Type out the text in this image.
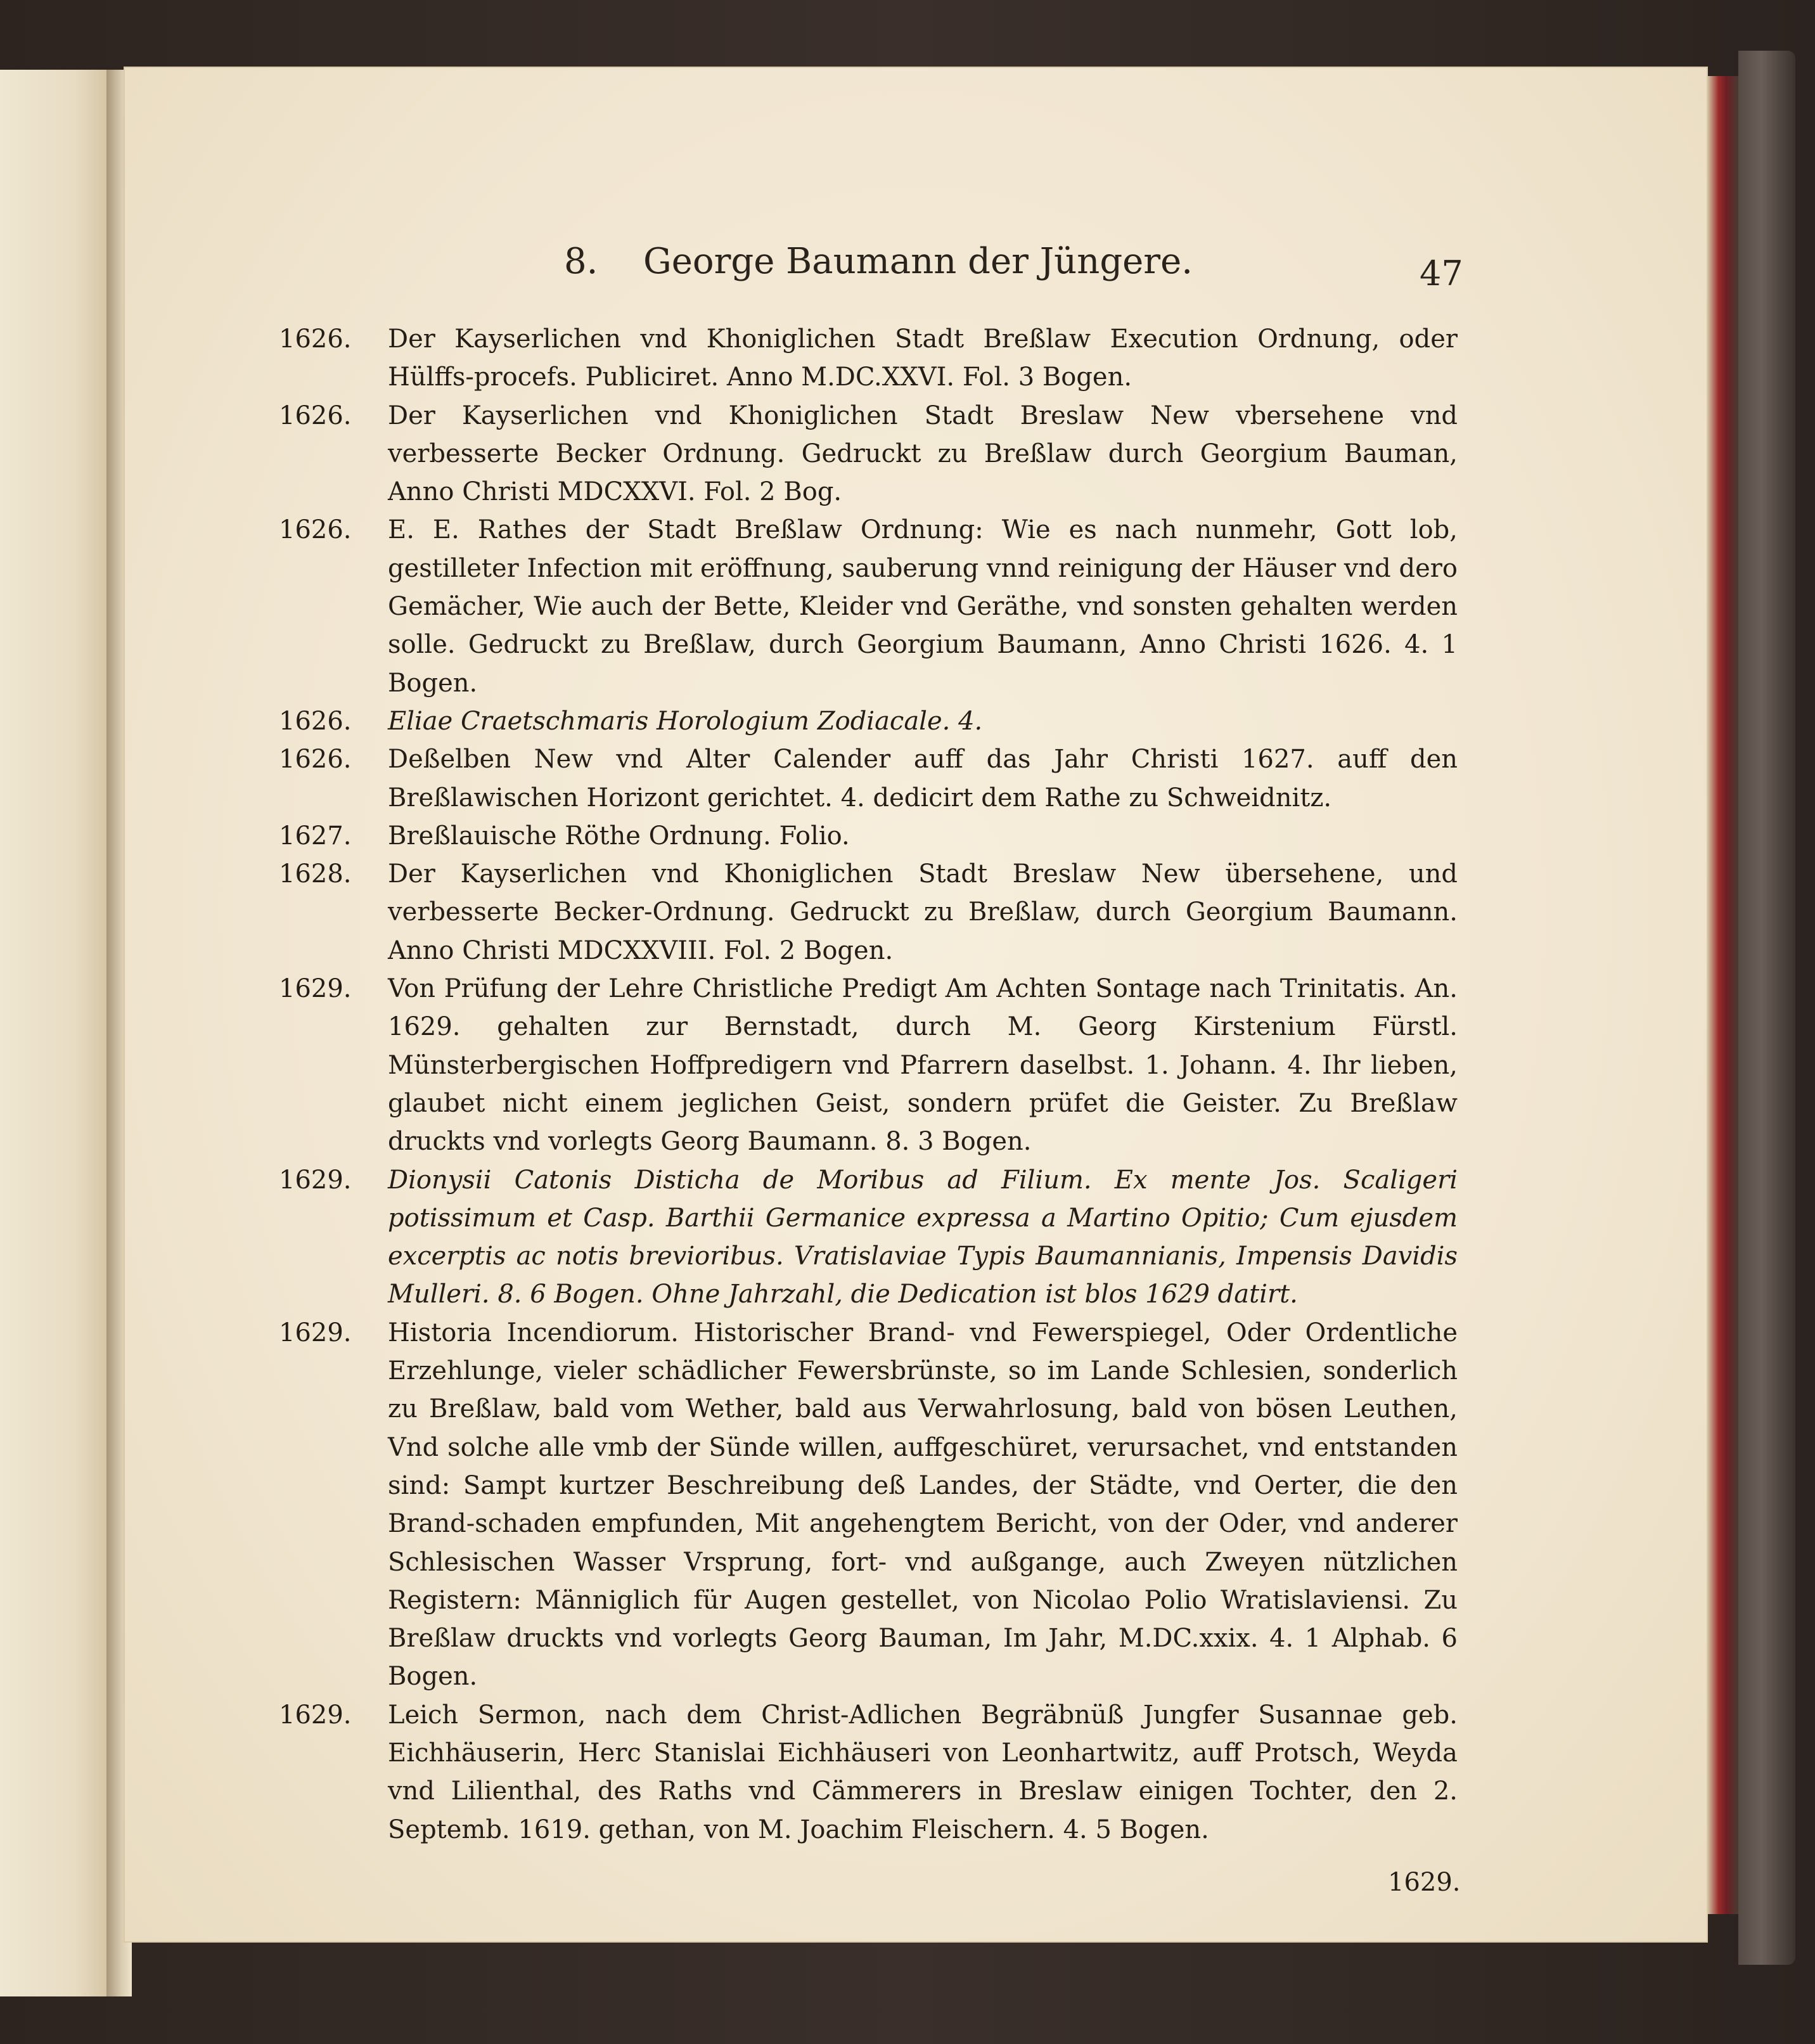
8. George Baumann der Jüngere.	47
1626.	Der Kayserlichen vnd Khoniglichen Stadt Breßlaw Execution Ordnung, oder Hülffs-procefs. Publiciret. Anno M.DC.XXVI. Fol. 3 Bogen.
1626.	Der Kayserlichen vnd Khoniglichen Stadt Breslaw New vbersehene vnd verbesserte Becker Ordnung. Gedruckt zu Breßlaw durch Georgium Bauman, Anno Christi MDCXXVI. Fol. 2 Bog.
1626.	E. E. Rathes der Stadt Breßlaw Ordnung: Wie es nach nunmehr, Gott lob, gestilleter Infection mit eröffnung, sauberung vnnd reinigung der Häuser vnd dero Gemächer, Wie auch der Bette, Kleider vnd Geräthe, vnd sonsten gehalten werden solle. Gedruckt zu Breßlaw, durch Georgium Baumann, Anno Christi 1626. 4. 1 Bogen.
1626.	Eliae Craetschmaris Horologium Zodiacale. 4.
1626.	Deßelben New vnd Alter Calender auff das Jahr Christi 1627. auff den Breßlawischen Horizont gerichtet. 4. dedicirt dem Rathe zu Schweidnitz.
1627.	Breßlauische Röthe Ordnung. Folio.
1628.	Der Kayserlichen vnd Khoniglichen Stadt Breslaw New übersehene, und verbesserte Becker-Ordnung. Gedruckt zu Breßlaw, durch Georgium Baumann. Anno Christi MDCXXVIII. Fol. 2 Bogen.
1629.	Von Prüfung der Lehre Christliche Predigt Am Achten Sontage nach Trinitatis. An. 1629. gehalten zur Bernstadt, durch M. Georg Kirstenium Fürstl. Münsterbergischen Hoffpredigern vnd Pfarrern daselbst. 1. Johann. 4. Ihr lieben, glaubet nicht einem jeglichen Geist, sondern prüfet die Geister. Zu Breßlaw druckts vnd vorlegts Georg Baumann. 8. 3 Bogen.
1629.	Dionysii Catonis Disticha de Moribus ad Filium. Ex mente Jos. Scaligeri potissimum et Casp. Barthii Germanice expressa a Martino Opitio; Cum ejusdem excerptis ac notis brevioribus. Vratislaviae Typis Baumannianis, Impensis Davidis Mulleri. 8. 6 Bogen. Ohne Jahrzahl, die Dedication ist blos 1629 datirt.
1629.	Historia Incendiorum. Historischer Brand- vnd Fewerspiegel, Oder Ordentliche Erzehlunge, vieler schädlicher Fewersbrünste, so im Lande Schlesien, sonderlich zu Breßlaw, bald vom Wether, bald aus Verwahrlosung, bald von bösen Leuthen, Vnd solche alle vmb der Sünde willen, auffgeschüret, verursachet, vnd entstanden sind: Sampt kurtzer Beschreibung deß Landes, der Städte, vnd Oerter, die den Brand-schaden empfunden, Mit angehengtem Bericht, von der Oder, vnd anderer Schlesischen Wasser Vrsprung, fort- vnd außgange, auch Zweyen nützlichen Registern: Männiglich für Augen gestellet, von Nicolao Polio Wratislaviensi. Zu Breßlaw druckts vnd vorlegts Georg Bauman, Im Jahr, M.DC.xxix. 4. 1 Alphab. 6 Bogen.
1629.	Leich Sermon, nach dem Christ-Adlichen Begräbnüß Jungfer Susannae geb. Eichhäuserin, Herc Stanislai Eichhäuseri von Leonhartwitz, auff Protsch, Weyda vnd Lilienthal, des Raths vnd Cämmerers in Breslaw einigen Tochter, den 2. Septemb. 1619. gethan, von M. Joachim Fleischern. 4. 5 Bogen.
1629.
